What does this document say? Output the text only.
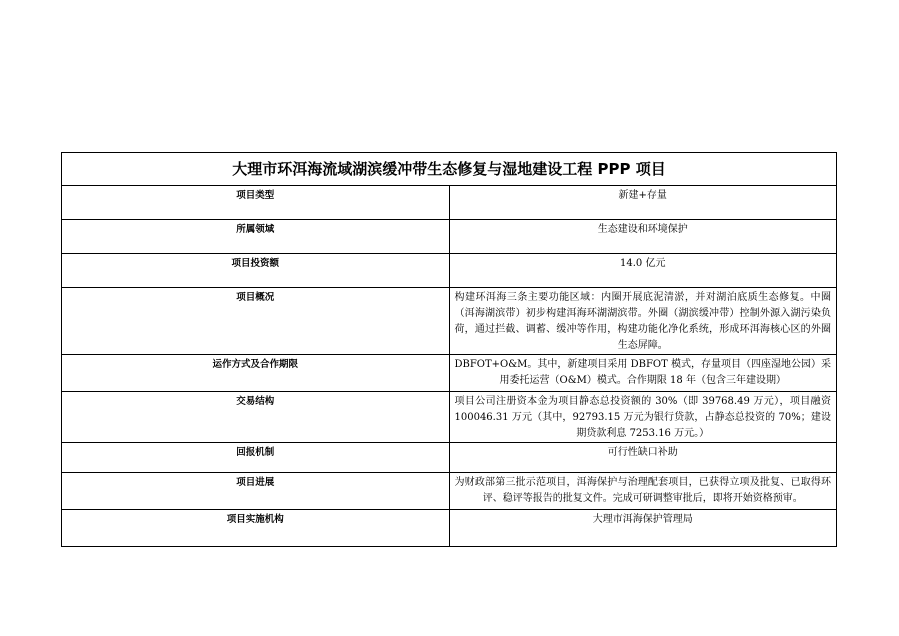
大理市环洱海流域湖滨缓冲带生态修复与湿地建设工程 PPP 项目	
项目类型	新建+存量
所属领域	生态建设和环境保护
项目投资额	14.0 亿元
项目概况	构建环洱海三条主要功能区域：内圈开展底泥清淤，并对湖泊底质生态修复。中圈（洱海湖滨带）初步构建洱海环湖湖滨带。外圈（湖滨缓冲带）控制外源入湖污染负荷，通过拦截、调蓄、缓冲等作用，构建功能化净化系统，形成环洱海核心区的外圈生态屏障。
运作方式及合作期限	DBFOT+O&M。其中，新建项目采用 DBFOT 模式，存量项目（四座湿地公园）采用委托运营（O&M）模式。合作期限 18 年（包含三年建设期）
交易结构	项目公司注册资本金为项目静态总投资额的 30%（即 39768.49 万元），项目融资 100046.31 万元（其中，92793.15 万元为银行贷款，占静态总投资的 70%；建设期贷款利息 7253.16 万元。）
回报机制	可行性缺口补助
项目进展	为财政部第三批示范项目，洱海保护与治理配套项目，已获得立项及批复、已取得环评、稳评等报告的批复文件。完成可研调整审批后，即将开始资格预审。
项目实施机构	大理市洱海保护管理局
